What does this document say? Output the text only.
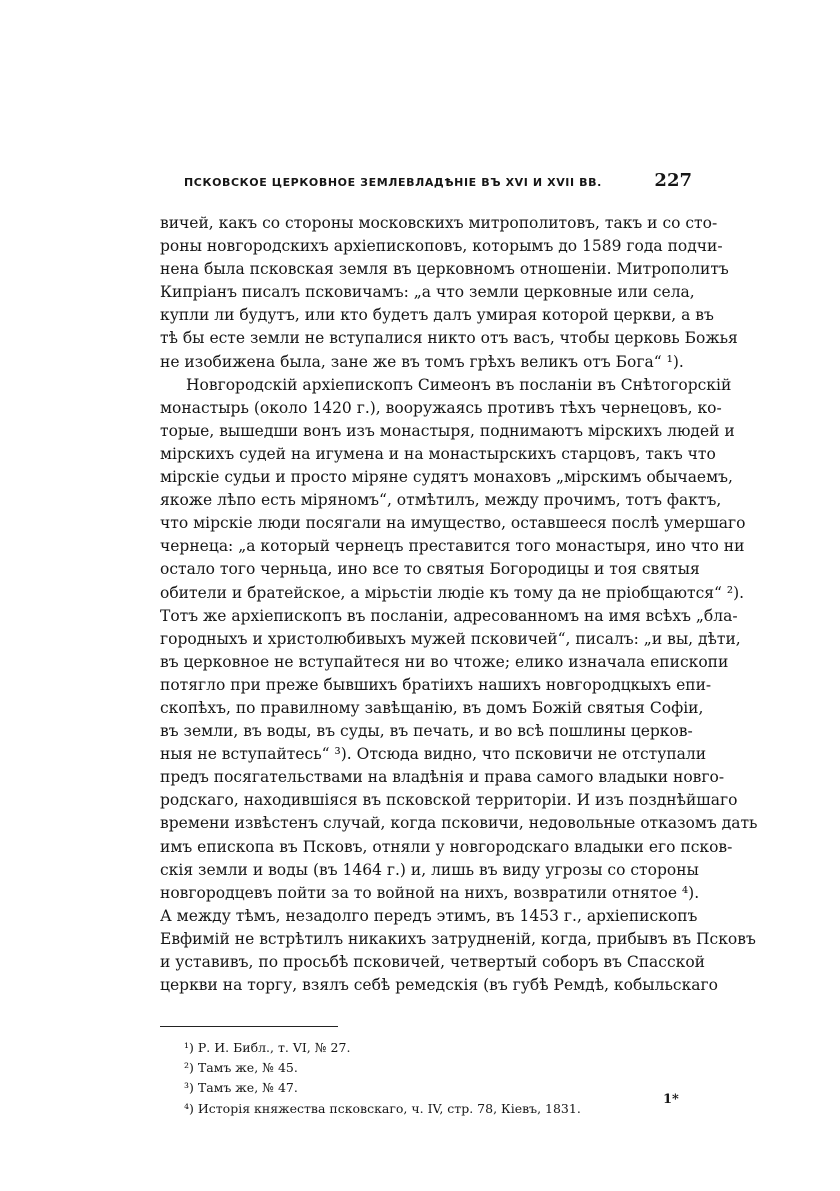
ПСКОВСКОЕ ЦЕРКОВНОЕ ЗЕМЛЕВЛАДѢНІЕ ВЪ XVI И XVII ВВ.	227
вичей, какъ со стороны московскихъ митрополитовъ, такъ и со сто-
роны новгородскихъ архіепископовъ, которымъ до 1589 года подчи-
нена была псковская земля въ церковномъ отношеніи. Митрополитъ
Кипріанъ писалъ псковичамъ: „а что земли церковные или села,
купли ли будутъ, или кто будетъ далъ умирая которой церкви, а въ
тѣ бы есте земли не вступалися никто отъ васъ, чтобы церковь Божья
не изобижена была, зане же въ томъ грѣхъ великъ отъ Бога“ ¹).
Новгородскій архіепископъ Симеонъ въ посланіи въ Снѣтогорскій
монастырь (около 1420 г.), вооружаясь противъ тѣхъ чернецовъ, ко-
торые, вышедши вонъ изъ монастыря, поднимаютъ мірскихъ людей и
мірскихъ судей на игумена и на монастырскихъ старцовъ, такъ что
мірскіе судьи и просто міряне судятъ монаховъ „мірскимъ обычаемъ,
якоже лѣпо есть міряномъ“, отмѣтилъ, между прочимъ, тотъ фактъ,
что мірскіе люди посягали на имущество, оставшееся послѣ умершаго
чернеца: „а который чернецъ преставится того монастыря, ино что ни
остало того черньца, ино все то святыя Богородицы и тоя святыя
обители и братейское, а мірьстіи людіе къ тому да не пріобщаются“ ²).
Тотъ же архіепископъ въ посланіи, адресованномъ на имя всѣхъ „бла-
городныхъ и христолюбивыхъ мужей псковичей“, писалъ: „и вы, дѣти,
въ церковное не вступайтеся ни во чтоже; елико изначала епископи
потягло при преже бывшихъ братіихъ нашихъ новгородцкыхъ епи-
скопѣхъ, по правилному завѣщанію, въ домъ Божій святыя Софіи,
въ земли, въ воды, въ суды, въ печать, и во всѣ пошлины церков-
ныя не вступайтесь“ ³). Отсюда видно, что псковичи не отступали
предъ посягательствами на владѣнія и права самого владыки новго-
родскаго, находившіяся въ псковской территоріи. И изъ позднѣйшаго
времени извѣстенъ случай, когда псковичи, недовольные отказомъ дать
имъ епископа въ Псковъ, отняли у новгородскаго владыки его псков-
скія земли и воды (въ 1464 г.) и, лишь въ виду угрозы со стороны
новгородцевъ пойти за то войной на нихъ, возвратили отнятое ⁴).
А между тѣмъ, незадолго передъ этимъ, въ 1453 г., архіепископъ
Евфимій не встрѣтилъ никакихъ затрудненій, когда, прибывъ въ Псковъ
и уставивъ, по просьбѣ псковичей, четвертый соборъ въ Спасской
церкви на торгу, взялъ себѣ ремедскія (въ губѣ Ремдѣ, кобыльскаго
¹) Р. И. Библ., т. VI, № 27.
²) Тамъ же, № 45.
³) Тамъ же, № 47.
⁴) Исторія княжества псковскаго, ч. IV, стр. 78, Кіевъ, 1831.
1*
